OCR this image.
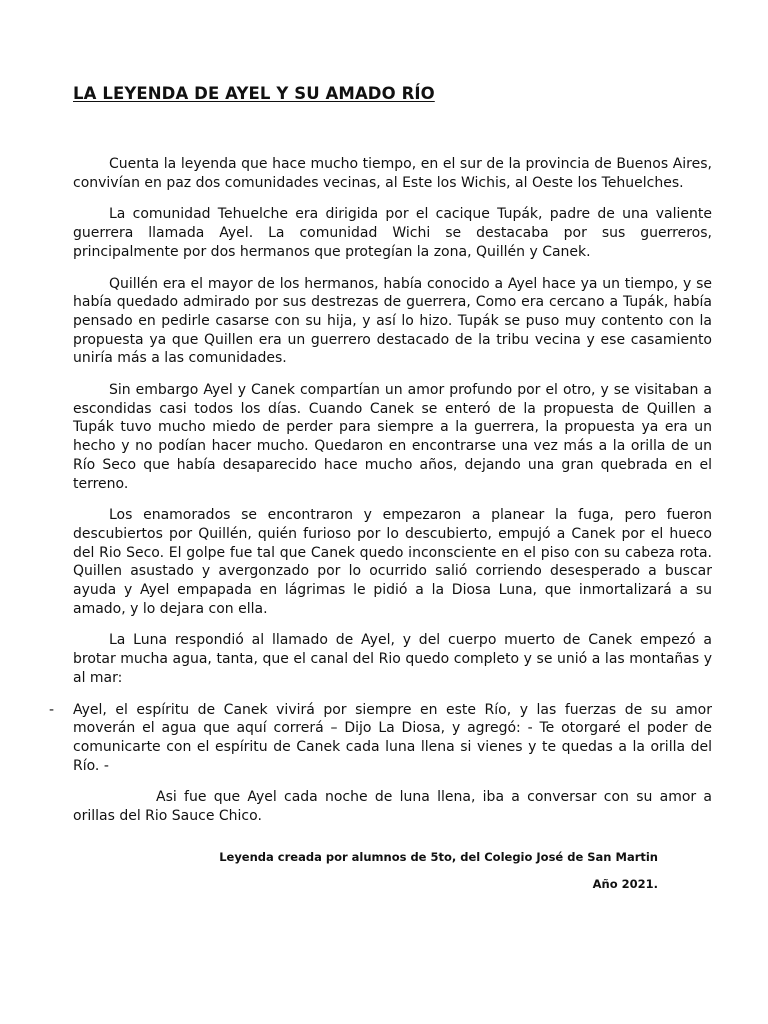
LA LEYENDA DE AYEL Y SU AMADO RÍO

Cuenta la leyenda que hace mucho tiempo, en el sur de la provincia de Buenos Aires, convivían en paz dos comunidades vecinas, al Este los Wichis, al Oeste los Tehuelches.

La comunidad Tehuelche era dirigida por el cacique Tupák, padre de una valiente guerrera llamada Ayel. La comunidad Wichi se destacaba por sus guerreros, principalmente por dos hermanos que protegían la zona, Quillén y Canek.

Quillén era el mayor de los hermanos, había conocido a Ayel hace ya un tiempo, y se había quedado admirado por sus destrezas de guerrera, Como era cercano a Tupák, había pensado en pedirle casarse con su hija, y así lo hizo. Tupák se puso muy contento con la propuesta ya que Quillen era un guerrero destacado de la tribu vecina y ese casamiento uniría más a las comunidades.

Sin embargo Ayel y Canek compartían un amor profundo por el otro, y se visitaban a escondidas casi todos los días. Cuando Canek se enteró de la propuesta de Quillen a Tupák tuvo mucho miedo de perder para siempre a la guerrera, la propuesta ya era un hecho y no podían hacer mucho. Quedaron en encontrarse una vez más a la orilla de un Río Seco que había desaparecido hace mucho años, dejando una gran quebrada en el terreno.

Los enamorados se encontraron y empezaron a planear la fuga, pero fueron descubiertos por Quillén, quién furioso por lo descubierto, empujó a Canek por el hueco del Rio Seco. El golpe fue tal que Canek quedo inconsciente en el piso con su cabeza rota. Quillen asustado y avergonzado por lo ocurrido salió corriendo desesperado a buscar ayuda y Ayel empapada en lágrimas le pidió a la Diosa Luna, que inmortalizará a su amado, y lo dejara con ella.

La Luna respondió al llamado de Ayel, y del cuerpo muerto de Canek empezó a brotar mucha agua, tanta, que el canal del Rio quedo completo y se unió a las montañas y al mar:

- Ayel, el espíritu de Canek vivirá por siempre en este Río, y las fuerzas de su amor moverán el agua que aquí correrá – Dijo La Diosa, y agregó: - Te otorgaré el poder de comunicarte con el espíritu de Canek cada luna llena si vienes y te quedas a la orilla del Río. -

Asi fue que Ayel cada noche de luna llena, iba a conversar con su amor a orillas del Rio Sauce Chico.

Leyenda creada por alumnos de 5to, del Colegio José de San Martin

Año 2021.
